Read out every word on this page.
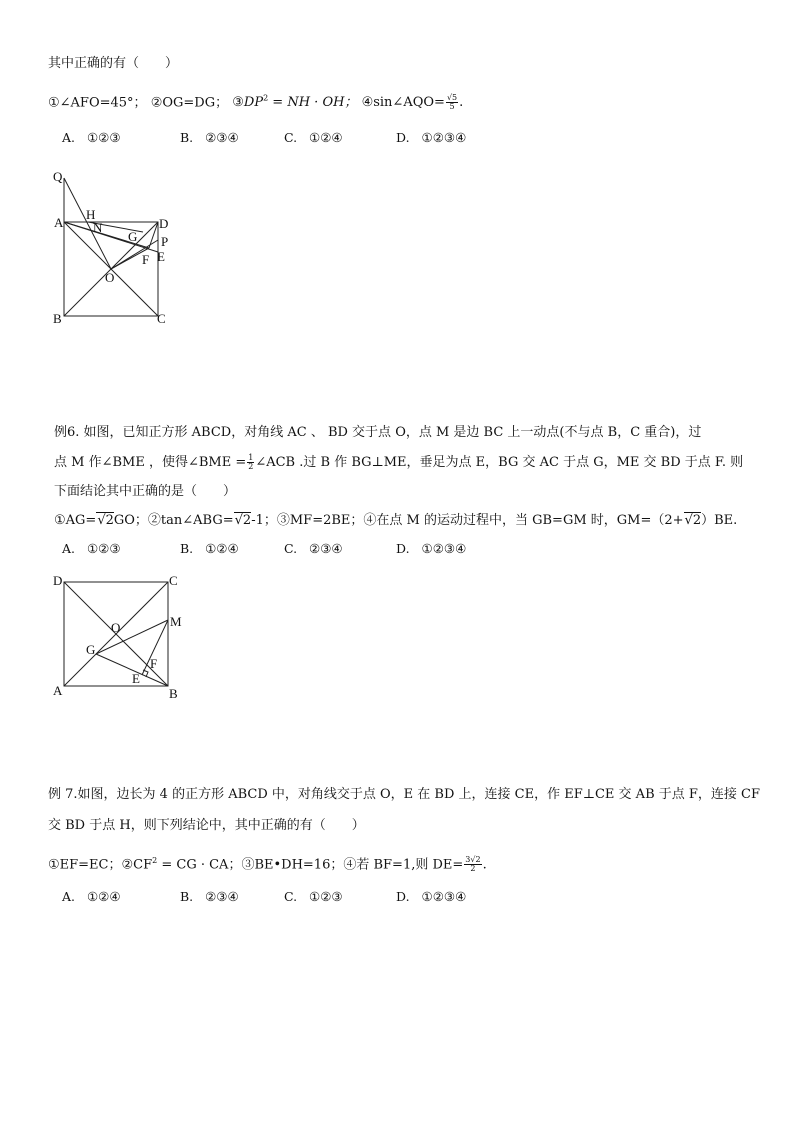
其中正确的有（　　）
①∠AFO=45°； ②OG=DG； $③DP^2$ = NH · OH； ④sin∠AQO= $\frac{√5}{5}$ .
A. ①②③	B. ②③④	C. ①②④	D. ①②③④
Q
A
H
N	D
G P
F E
O
B	C
例6. 如图，已知正方形 ABCD，对角线 AC 、 BD 交于点 O，点 M 是边 BC 上一动点(不与点 B，C 重合)，过
点 M 作∠BME ，使得∠BME = $\frac{1}{2}$ ∠ACB .过 B 作 BG⊥ME，垂足为点 E，BG 交 AC 于点 G，ME 交 BD 于点 F. 则
下面结论其中正确的是（　　）
①AG=√2GO；②tan∠ABG=√2-1；③MF=2BE；④在点 M 的运动过程中，当 GB=GM 时，GM=（2+√2）BE.
A. ①②③	B. ①②④	C. ②③④	D. ①②③④
D	C
O	M
G
F
E
A	B
例 7.如图，边长为 4 的正方形 ABCD 中，对角线交于点 O，E 在 BD 上，连接 CE，作 EF⊥CE 交 AB 于点 F，连接 CF
交 BD 于点 H，则下列结论中，其中正确的有（　　）
①EF=EC；$②CF^2$ = CG · CA；③BE•DH=16；④若 BF=1,则 $DE= \frac{3√2}{2}$ .
A. ①②④	B. ②③④	C. ①②③	D. ①②③④
